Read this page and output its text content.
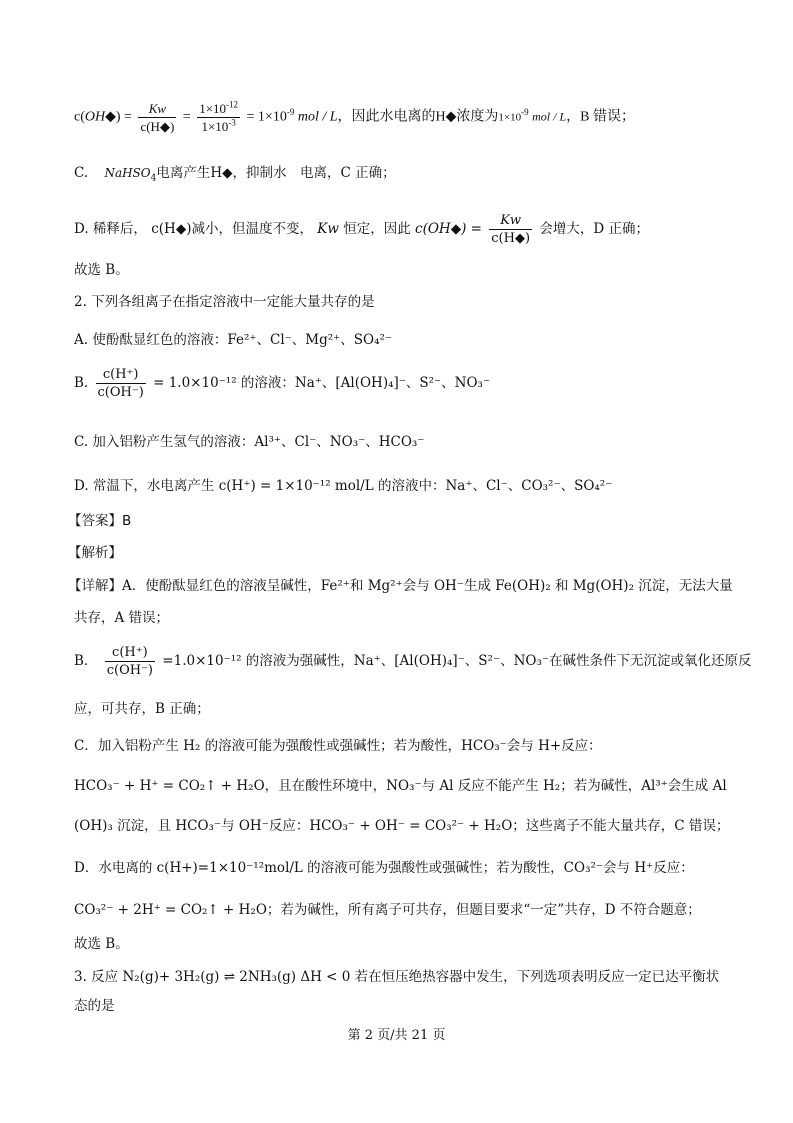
c(OH◆) = $\frac{Kw}{c(H◆)} = \frac{1\times 10^{-12}}{1\times 10^{-3}} = 1\times 10^{-9}$ mol / L，因此水电离的H◆浓度为$1\times 10^{-9}$ mol / L，B 错误；
C. NaHSO$_4$电离产生H◆，抑制水　电离，C 正确；
D. 稀释后， c(H◆)减小，但温度不变， Kw 恒定，因此 c(OH◆) = $\frac{Kw}{c(H◆)}$ 会增大，D 正确；
故选 B。
2. 下列各组离子在指定溶液中一定能大量共存的是
A. 使酚酞显红色的溶液：Fe²⁺、Cl⁻、Mg²⁺、SO₄²⁻
B. $\frac{c(H^+)}{c(OH^-)} = 1.0\times 10^{-12}$ 的溶液：Na⁺、[Al(OH)₄]⁻、S²⁻、NO₃⁻
C. 加入铝粉产生氢气的溶液：Al³⁺、Cl⁻、NO₃⁻、HCO₃⁻
D. 常温下，水电离产生 c(H⁺) = 1×10⁻¹² mol/L 的溶液中：Na⁺、Cl⁻、CO₃²⁻、SO₄²⁻
【答案】B
【解析】
【详解】A．使酚酞显红色的溶液呈碱性，Fe²⁺和 Mg²⁺会与 OH⁻生成 Fe(OH)₂ 和 Mg(OH)₂ 沉淀，无法大量
共存，A 错误；
B． $\frac{c(H^+)}{c(OH^-)} =1.0\times 10^{-12}$ 的溶液为强碱性，Na⁺、[Al(OH)₄]⁻、S²⁻、NO₃⁻在碱性条件下无沉淀或氧化还原反
应，可共存，B 正确；
C．加入铝粉产生 H₂ 的溶液可能为强酸性或强碱性；若为酸性，HCO₃⁻会与 H+反应：
HCO₃⁻ + H⁺ = CO₂↑ + H₂O，且在酸性环境中，NO₃⁻与 Al 反应不能产生 H₂；若为碱性，Al³⁺会生成 Al
(OH)₃ 沉淀，且 HCO₃⁻与 OH⁻反应：HCO₃⁻ + OH⁻ = CO₃²⁻ + H₂O；这些离子不能大量共存，C 错误；
D．水电离的 c(H+)=1×10⁻¹²mol/L 的溶液可能为强酸性或强碱性；若为酸性，CO₃²⁻会与 H⁺反应：
CO₃²⁻ + 2H⁺ = CO₂↑ + H₂O；若为碱性，所有离子可共存，但题目要求“一定”共存，D 不符合题意；
故选 B。
3. 反应 N₂(g)+ 3H₂(g) ⇌ 2NH₃(g) ΔH < 0 若在恒压绝热容器中发生，下列选项表明反应一定已达平衡状
态的是
第 2 页/共 21 页
